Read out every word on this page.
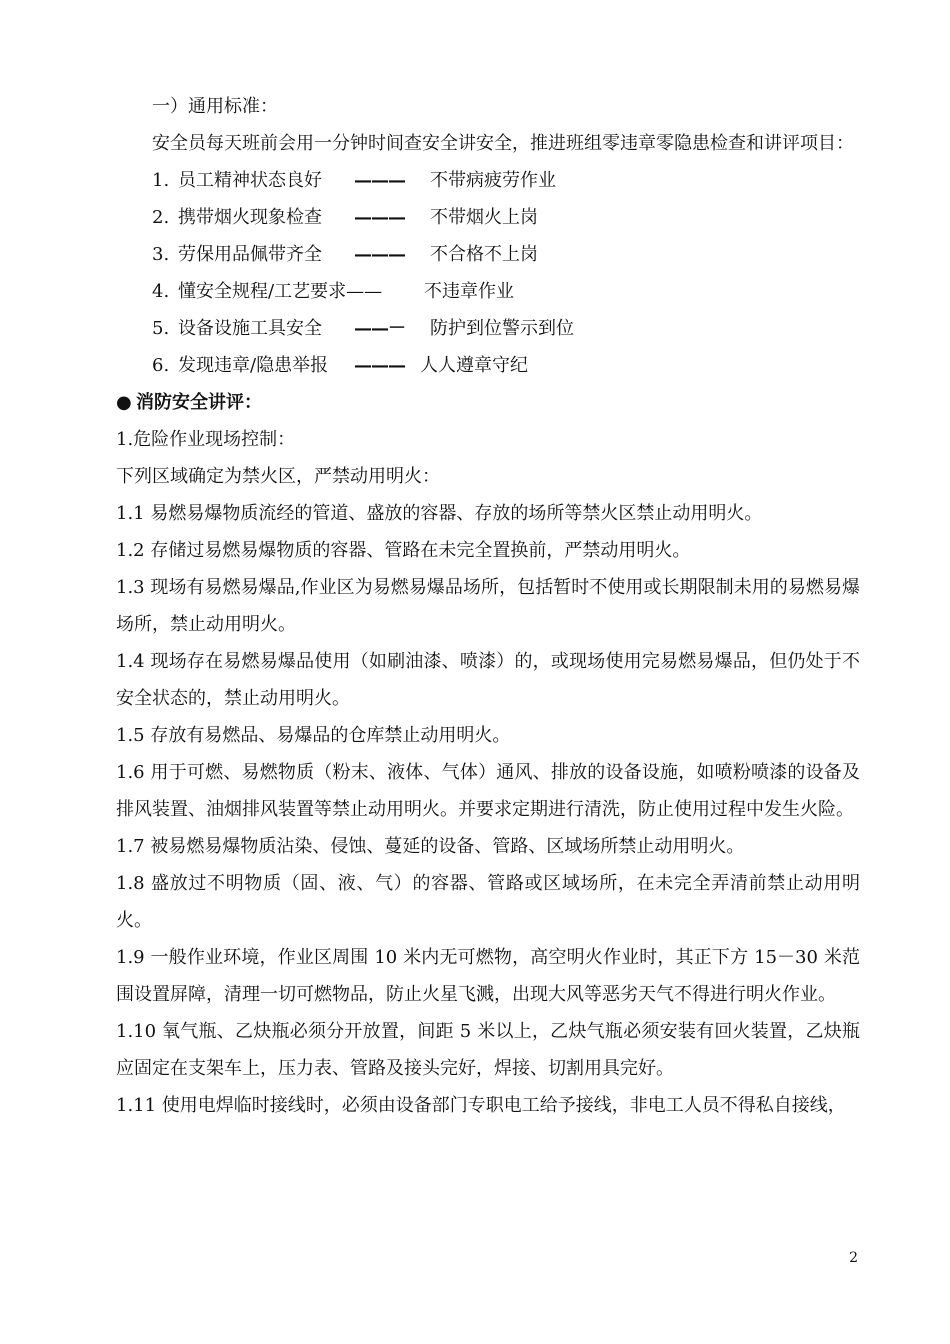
一）通用标准：

安全员每天班前会用一分钟时间查安全讲安全，推进班组零违章零隐患检查和讲评项目：

1. 员工精神状态良好	———	不带病疲劳作业
2. 携带烟火现象检查	———	不带烟火上岗
3. 劳保用品佩带齐全	———	不合格不上岗
4. 懂安全规程/工艺要求——	不违章作业
5. 设备设施工具安全	——－	防护到位警示到位
6. 发现违章/隐患举报	——— 人人遵章守纪
● 消防安全讲评：

1.危险作业现场控制：

下列区域确定为禁火区，严禁动用明火：

1.1 易燃易爆物质流经的管道、盛放的容器、存放的场所等禁火区禁止动用明火。

1.2 存储过易燃易爆物质的容器、管路在未完全置换前，严禁动用明火。

1.3 现场有易燃易爆品,作业区为易燃易爆品场所，包括暂时不使用或长期限制未用的易燃易爆场所，禁止动用明火。

1.4 现场存在易燃易爆品使用（如刷油漆、喷漆）的，或现场使用完易燃易爆品，但仍处于不安全状态的，禁止动用明火。

1.5 存放有易燃品、易爆品的仓库禁止动用明火。

1.6 用于可燃、易燃物质（粉末、液体、气体）通风、排放的设备设施，如喷粉喷漆的设备及排风装置、油烟排风装置等禁止动用明火。并要求定期进行清洗，防止使用过程中发生火险。

1.7 被易燃易爆物质沾染、侵蚀、蔓延的设备、管路、区域场所禁止动用明火。

1.8 盛放过不明物质（固、液、气）的容器、管路或区域场所，在未完全弄清前禁止动用明火。

1.9 一般作业环境，作业区周围 10 米内无可燃物，高空明火作业时，其正下方 15－30 米范围设置屏障，清理一切可燃物品，防止火星飞溅，出现大风等恶劣天气不得进行明火作业。

1.10 氧气瓶、乙炔瓶必须分开放置，间距 5 米以上，乙炔气瓶必须安装有回火装置，乙炔瓶应固定在支架车上，压力表、管路及接头完好，焊接、切割用具完好。

1.11 使用电焊临时接线时，必须由设备部门专职电工给予接线，非电工人员不得私自接线，

2
